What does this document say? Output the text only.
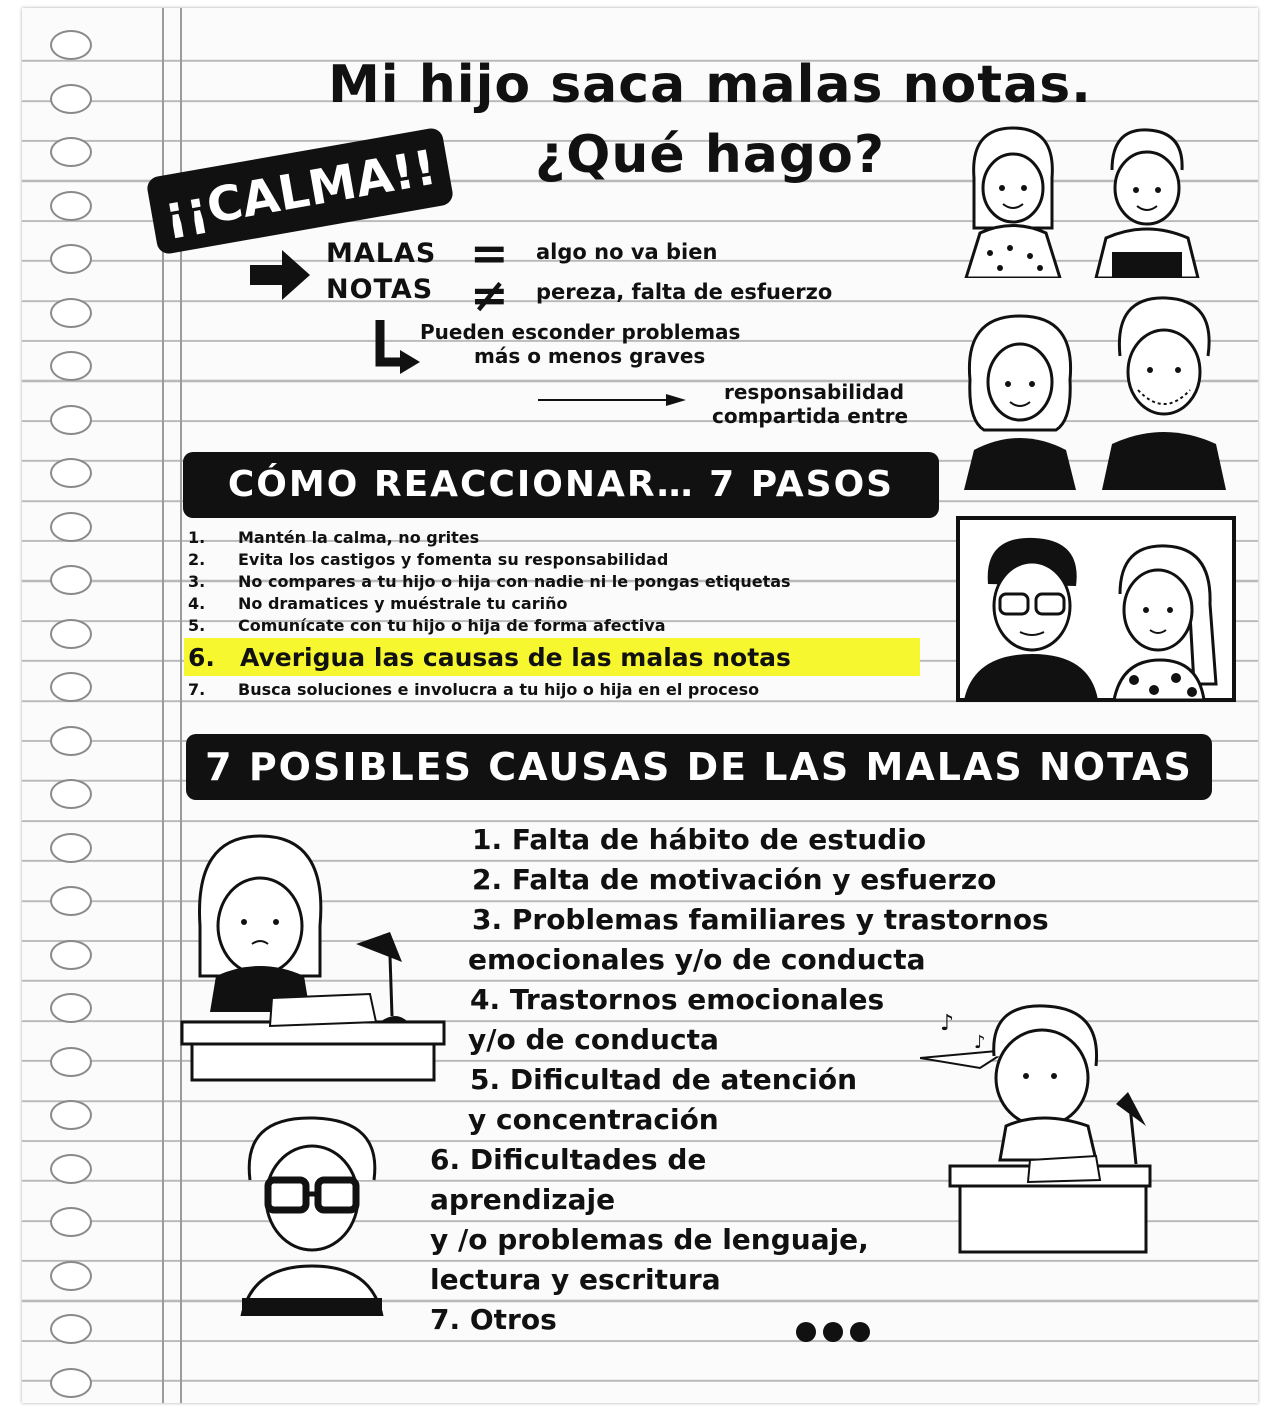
Mi hijo saca malas notas.
¿Qué hago?
¡¡CALMA!!
MALAS
NOTAS
=
≠
algo no va bien
pereza, falta de esfuerzo
Pueden esconder problemas
más o menos graves
responsabilidad
compartida entre
CÓMO REACCIONAR… 7 PASOS
1.	Mantén la calma, no grites
2.	Evita los castigos y fomenta su responsabilidad
3.	No compares a tu hijo o hija con nadie ni le pongas etiquetas
4.	No dramatices y muéstrale tu cariño
5.	Comunícate con tu hijo o hija de forma afectiva
6.	Averigua las causas de las malas notas
7.	Busca soluciones e involucra a tu hijo o hija en el proceso
7 POSIBLES CAUSAS DE LAS MALAS NOTAS
1. Falta de hábito de estudio
2. Falta de motivación y esfuerzo
3. Problemas familiares y trastornos
emocionales y/o de conducta
4. Trastornos emocionales
y/o de conducta
5. Dificultad de atención
y concentración
6. Dificultades de
aprendizaje
y /o problemas de lenguaje,
lectura y escritura
7. Otros
♪
♪
